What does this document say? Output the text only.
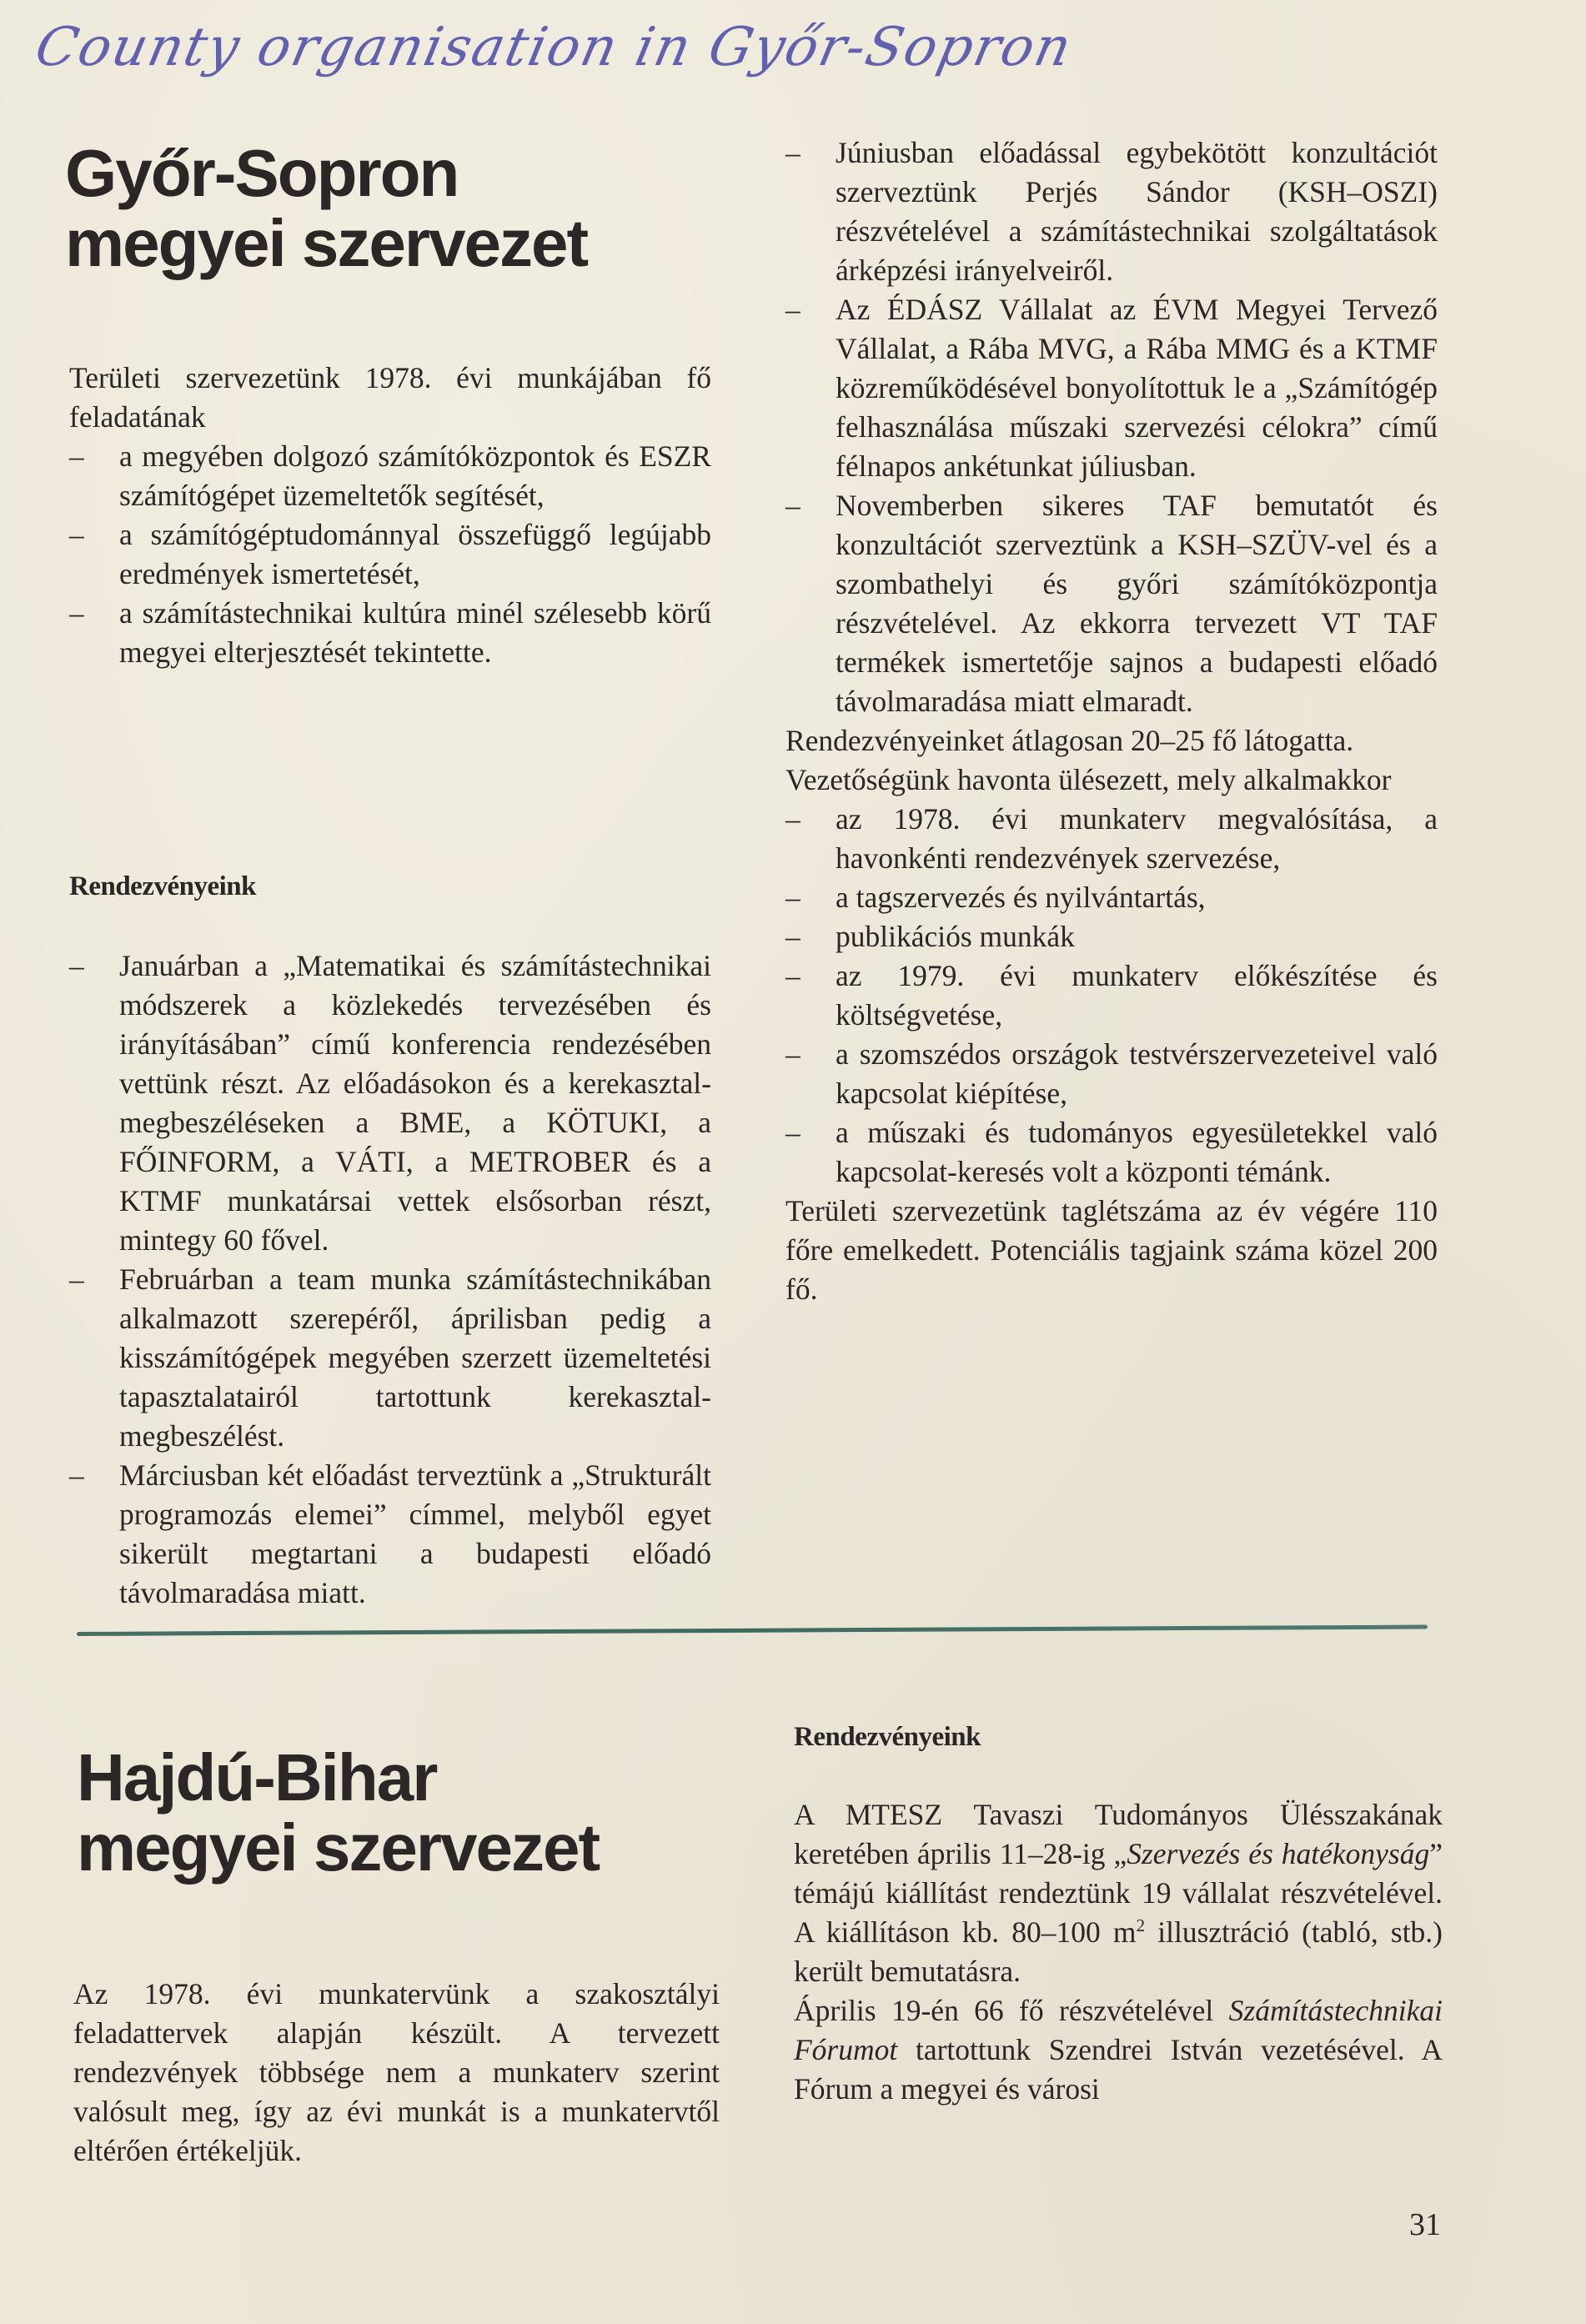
County organisation in Győr-Sopron
Győr-Sopron
megyei szervezet

Területi szervezetünk 1978. évi munkájában fő feladatának

– a megyében dolgozó számítóközpontok és ESZR számítógépet üzemeltetők segítését,
– a számítógéptudománnyal összefüggő legújabb eredmények ismertetését,
– a számítástechnikai kultúra minél szélesebb körű megyei elterjesztését tekintette.
Rendezvényeink
– Januárban a „Matematikai és számítástechnikai módszerek a közlekedés tervezésében és irányításában” című konferencia rendezésében vettünk részt. Az előadásokon és a kerekasztal-megbeszéléseken a BME, a KÖTUKI, a FŐINFORM, a VÁTI, a METROBER és a KTMF munkatársai vettek elsősorban részt, mintegy 60 fővel.
– Februárban a team munka számítástechnikában alkalmazott szerepéről, áprilisban pedig a kisszámítógépek megyében szerzett üzemeltetési tapasztalatairól tartottunk kerekasztal-megbeszélést.
– Márciusban két előadást terveztünk a „Strukturált programozás elemei” címmel, melyből egyet sikerült megtartani a budapesti előadó távolmaradása miatt.
– Júniusban előadással egybekötött konzultációt szerveztünk Perjés Sándor (KSH–OSZI) részvételével a számítástechnikai szolgáltatások árképzési irányelveiről.
– Az ÉDÁSZ Vállalat az ÉVM Megyei Tervező Vállalat, a Rába MVG, a Rába MMG és a KTMF közreműködésével bonyolítottuk le a „Számítógép felhasználása műszaki szervezési célokra” című félnapos ankétunkat júliusban.
– Novemberben sikeres TAF bemutatót és konzultációt szerveztünk a KSH–SZÜV-vel és a szombathelyi és győri számítóközpontja részvételével. Az ekkorra tervezett VT TAF termékek ismertetője sajnos a budapesti előadó távolmaradása miatt elmaradt.

Rendezvényeinket átlagosan 20–25 fő látogatta.

Vezetőségünk havonta ülésezett, mely alkalmakkor

– az 1978. évi munkaterv megvalósítása, a havonkénti rendezvények szervezése,
– a tagszervezés és nyilvántartás,
– publikációs munkák
– az 1979. évi munkaterv előkészítése és költségvetése,
– a szomszédos országok testvérszervezeteivel való kapcsolat kiépítése,
– a műszaki és tudományos egyesületekkel való kapcsolat-keresés volt a központi témánk.

Területi szervezetünk taglétszáma az év végére 110 főre emelkedett. Potenciális tagjaink száma közel 200 fő.

Hajdú-Bihar
megyei szervezet

Az 1978. évi munkatervünk a szakosztályi feladattervek alapján készült. A tervezett rendezvények többsége nem a munkaterv szerint valósult meg, így az évi munkát is a munkatervtől eltérően értékeljük.

Rendezvényeink

A MTESZ Tavaszi Tudományos Ülésszakának keretében április 11–28-ig „Szervezés és hatékonyság” témájú kiállítást rendeztünk 19 vállalat részvételével. A kiállításon kb. 80–100 $m^2$ illusztráció (tabló, stb.) került bemutatásra.

Április 19-én 66 fő részvételével Számítástechnikai Fórumot tartottunk Szendrei István vezetésével. A Fórum a megyei és városi

31
